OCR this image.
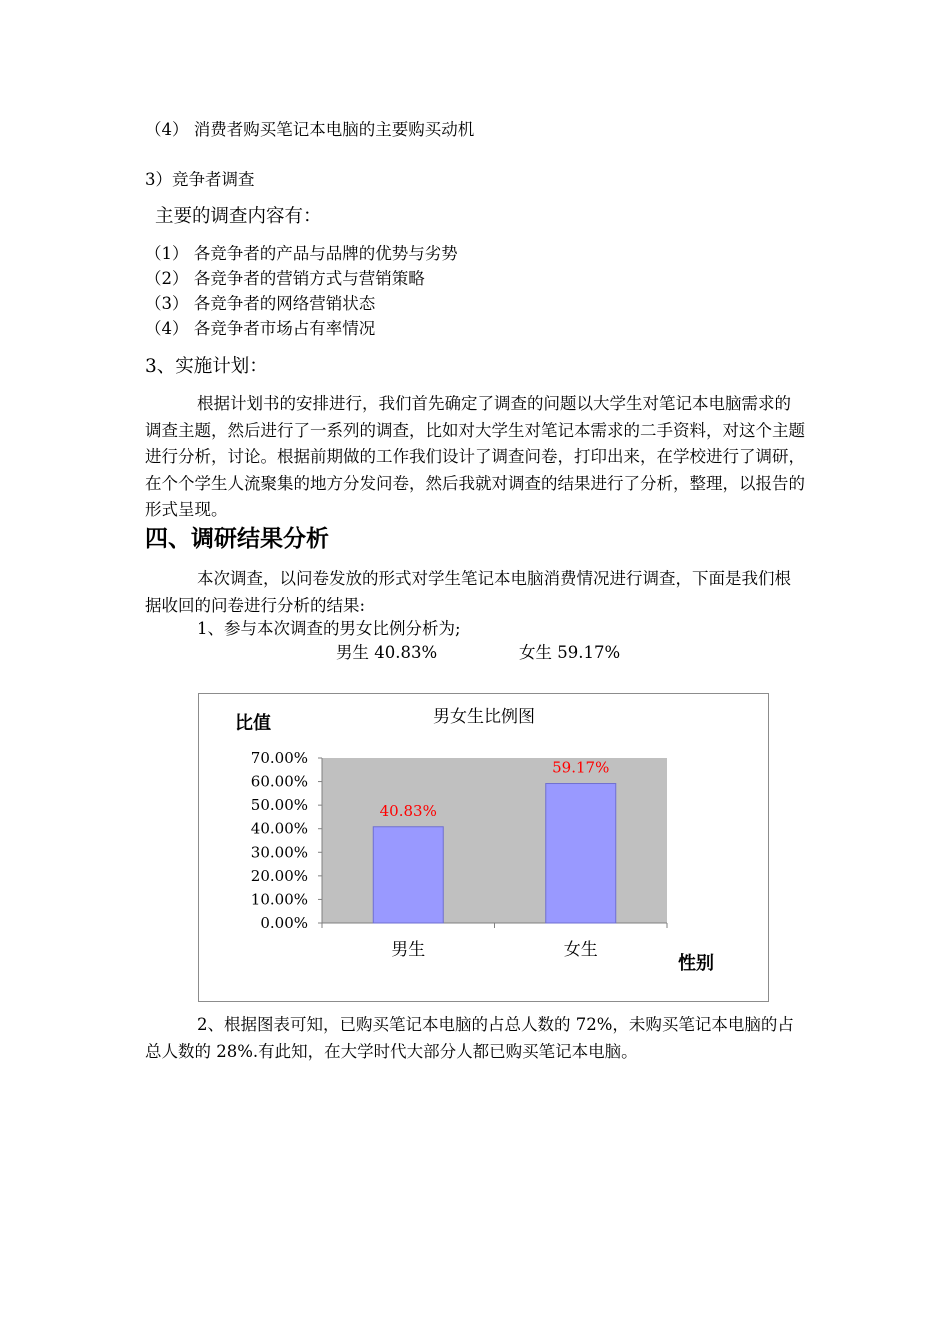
（4） 消费者购买笔记本电脑的主要购买动机
3）竞争者调查
主要的调查内容有：
（1） 各竞争者的产品与品牌的优势与劣势
（2） 各竞争者的营销方式与营销策略
（3） 各竞争者的网络营销状态
（4） 各竞争者市场占有率情况
3、实施计划：
根据计划书的安排进行，我们首先确定了调查的问题以大学生对笔记本电脑需求的调查主题，然后进行了一系列的调查，比如对大学生对笔记本需求的二手资料，对这个主题进行分析，讨论。根据前期做的工作我们设计了调查问卷，打印出来，在学校进行了调研，在个个学生人流聚集的地方分发问卷，然后我就对调查的结果进行了分析，整理，以报告的形式呈现。
四、调研结果分析
本次调查，以问卷发放的形式对学生笔记本电脑消费情况进行调查，下面是我们根据收回的问卷进行分析的结果:
1、参与本次调查的男女比例分析为;
男生 40.83%	女生 59.17%
男女生比例图
比值
性别
0.00%
10.00%
20.00%
30.00%
40.00%
50.00%
60.00%
70.00%
40.83%
男生
59.17%
女生
2、根据图表可知，已购买笔记本电脑的占总人数的 72%，未购买笔记本电脑的占总人数的 28%.有此知，在大学时代大部分人都已购买笔记本电脑。
